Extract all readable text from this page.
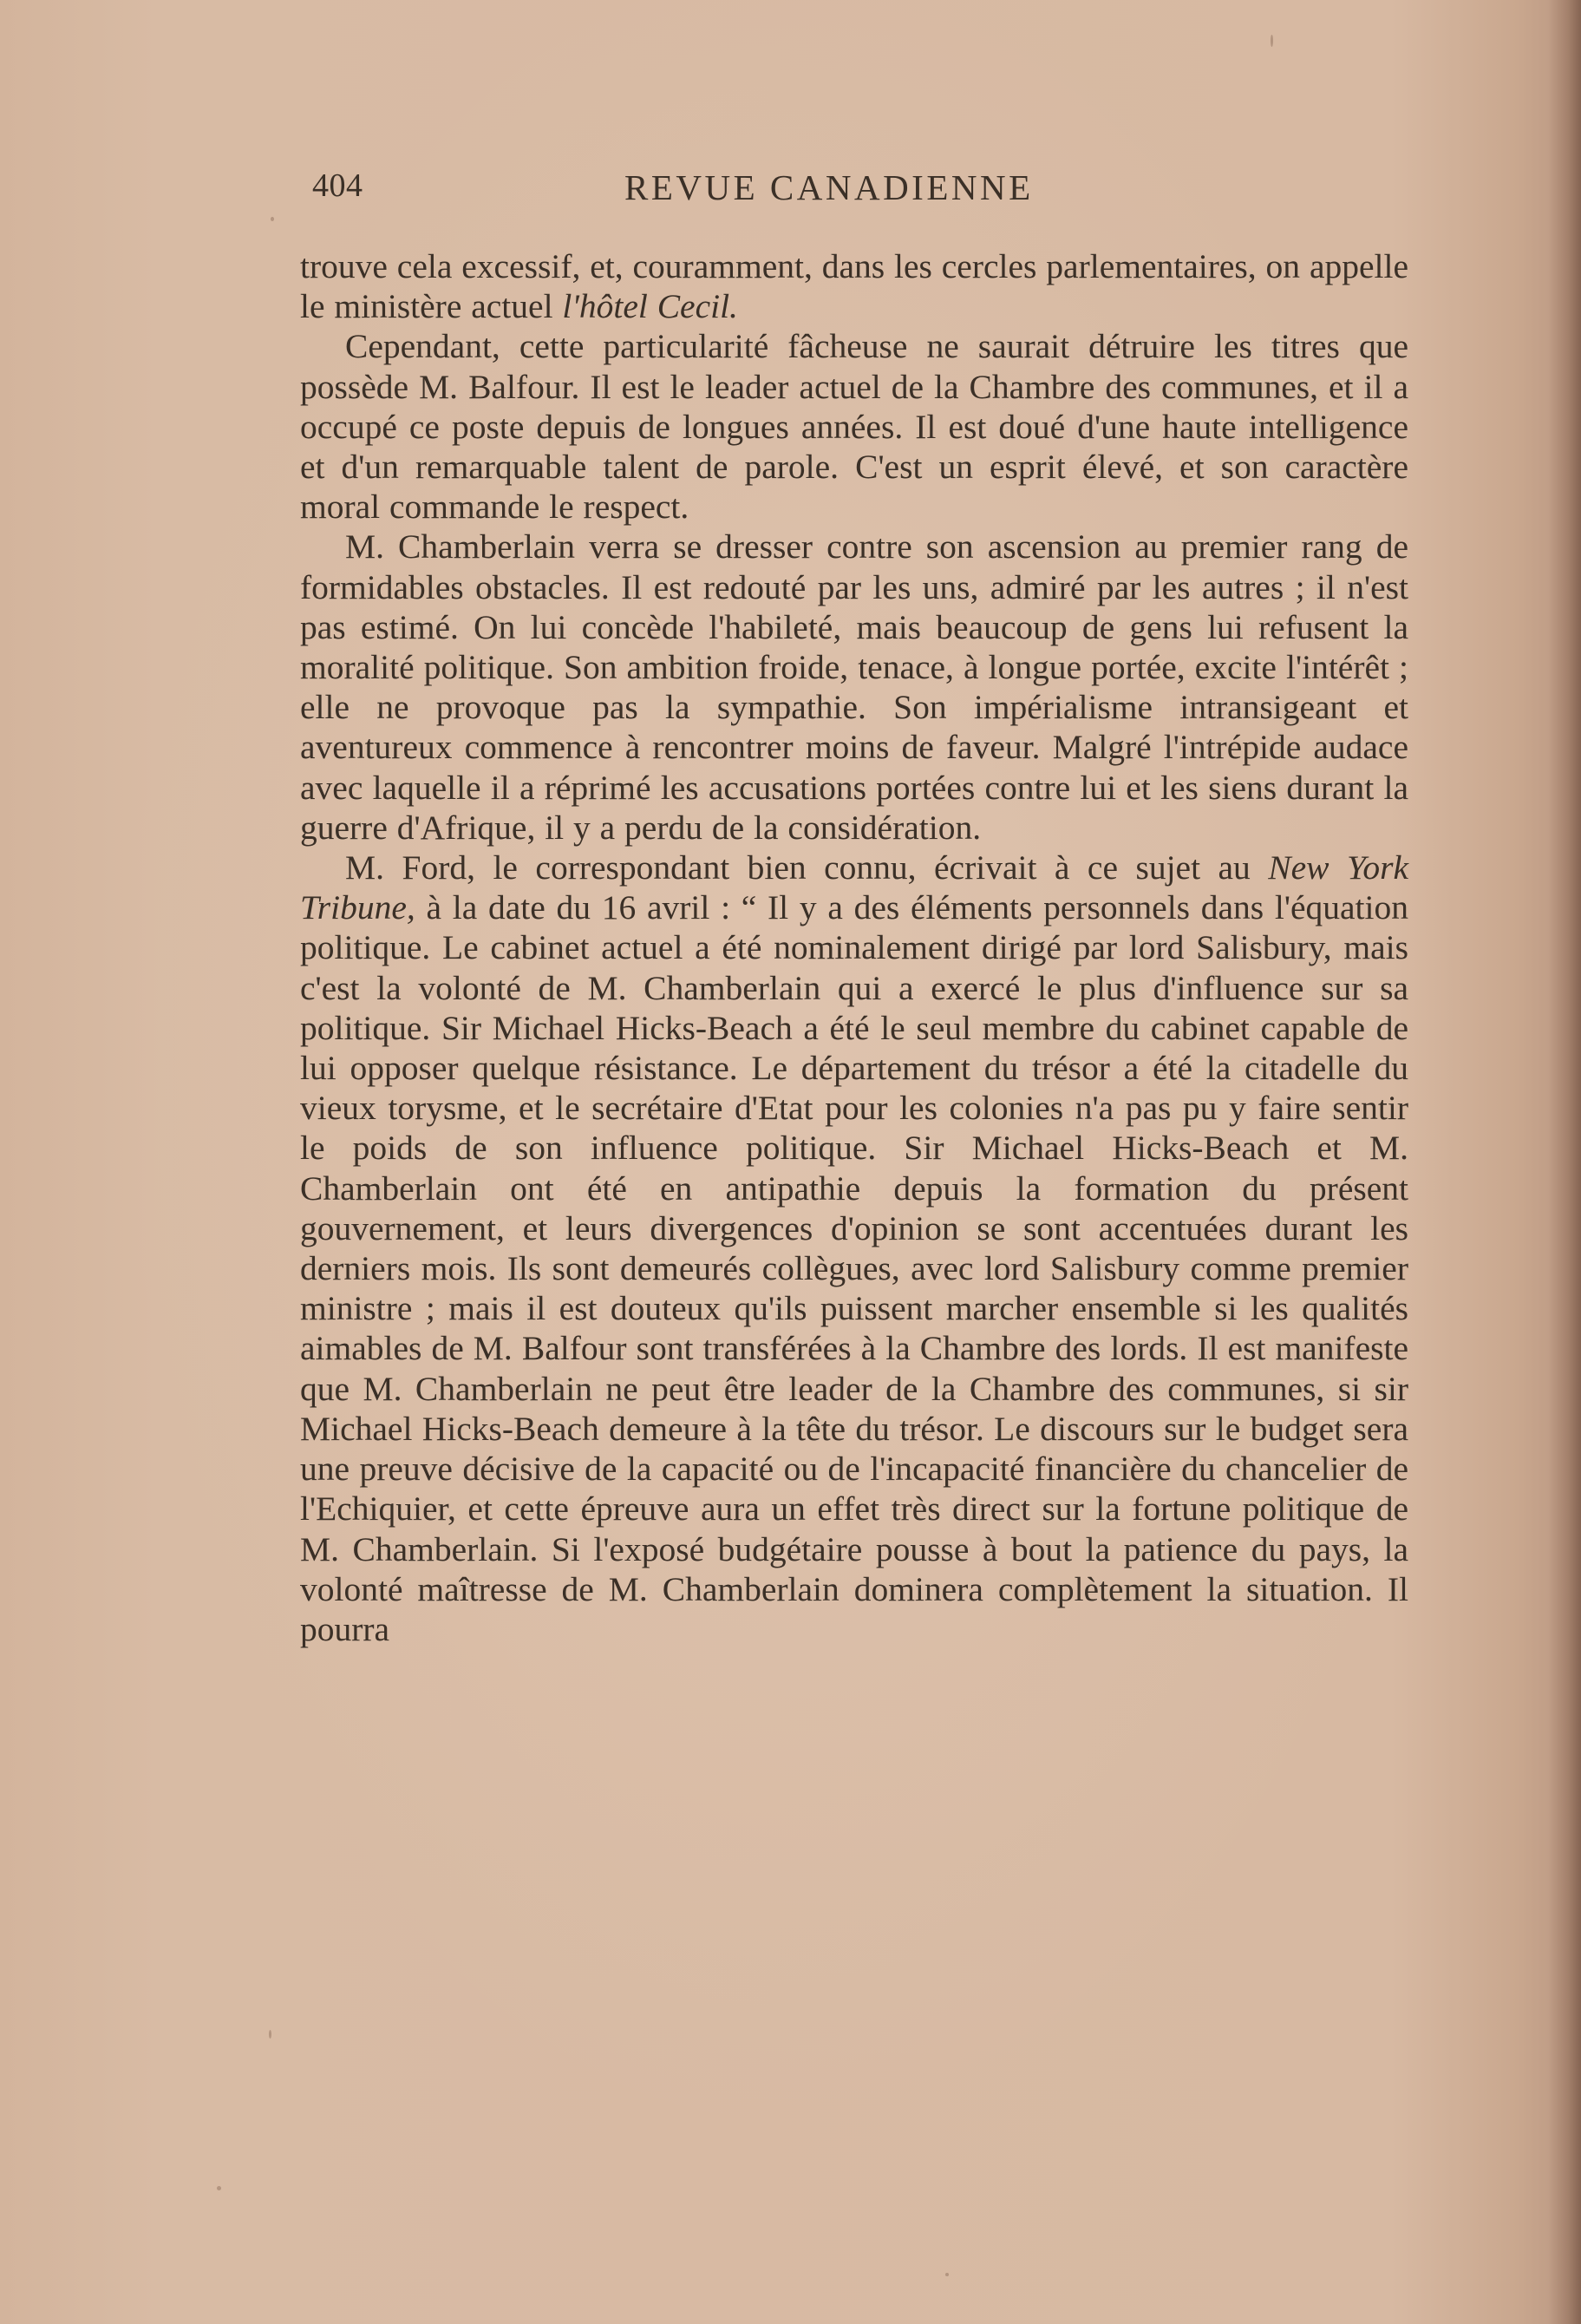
404	REVUE CANADIENNE

trouve cela excessif, et, couramment, dans les cercles parlementaires, on appelle le ministère actuel l'hôtel Cecil.

Cependant, cette particularité fâcheuse ne saurait détruire les titres que possède M. Balfour. Il est le leader actuel de la Chambre des communes, et il a occupé ce poste depuis de longues années. Il est doué d'une haute intelligence et d'un remarquable talent de parole. C'est un esprit élevé, et son caractère moral commande le respect.

M. Chamberlain verra se dresser contre son ascension au premier rang de formidables obstacles. Il est redouté par les uns, admiré par les autres ; il n'est pas estimé. On lui concède l'habileté, mais beaucoup de gens lui refusent la moralité politique. Son ambition froide, tenace, à longue portée, excite l'intérêt ; elle ne provoque pas la sympathie. Son impérialisme intransigeant et aventureux commence à rencontrer moins de faveur. Malgré l'intrépide audace avec laquelle il a réprimé les accusations portées contre lui et les siens durant la guerre d'Afrique, il y a perdu de la considération.

M. Ford, le correspondant bien connu, écrivait à ce sujet au New York Tribune, à la date du 16 avril : “ Il y a des éléments personnels dans l'équation politique. Le cabinet actuel a été nominalement dirigé par lord Salisbury, mais c'est la volonté de M. Chamberlain qui a exercé le plus d'influence sur sa politique. Sir Michael Hicks-Beach a été le seul membre du cabinet capable de lui opposer quelque résistance. Le département du trésor a été la citadelle du vieux torysme, et le secrétaire d'Etat pour les colonies n'a pas pu y faire sentir le poids de son influence politique. Sir Michael Hicks-Beach et M. Chamberlain ont été en antipathie depuis la formation du présent gouvernement, et leurs divergences d'opinion se sont accentuées durant les derniers mois. Ils sont demeurés collègues, avec lord Salisbury comme premier ministre ; mais il est douteux qu'ils puissent marcher ensemble si les qualités aimables de M. Balfour sont transférées à la Chambre des lords. Il est manifeste que M. Chamberlain ne peut être leader de la Chambre des communes, si sir Michael Hicks-Beach demeure à la tête du trésor. Le discours sur le budget sera une preuve décisive de la capacité ou de l'incapacité financière du chancelier de l'Echiquier, et cette épreuve aura un effet très direct sur la fortune politique de M. Chamberlain. Si l'exposé budgétaire pousse à bout la patience du pays, la volonté maîtresse de M. Chamberlain dominera complètement la situation. Il pourra
